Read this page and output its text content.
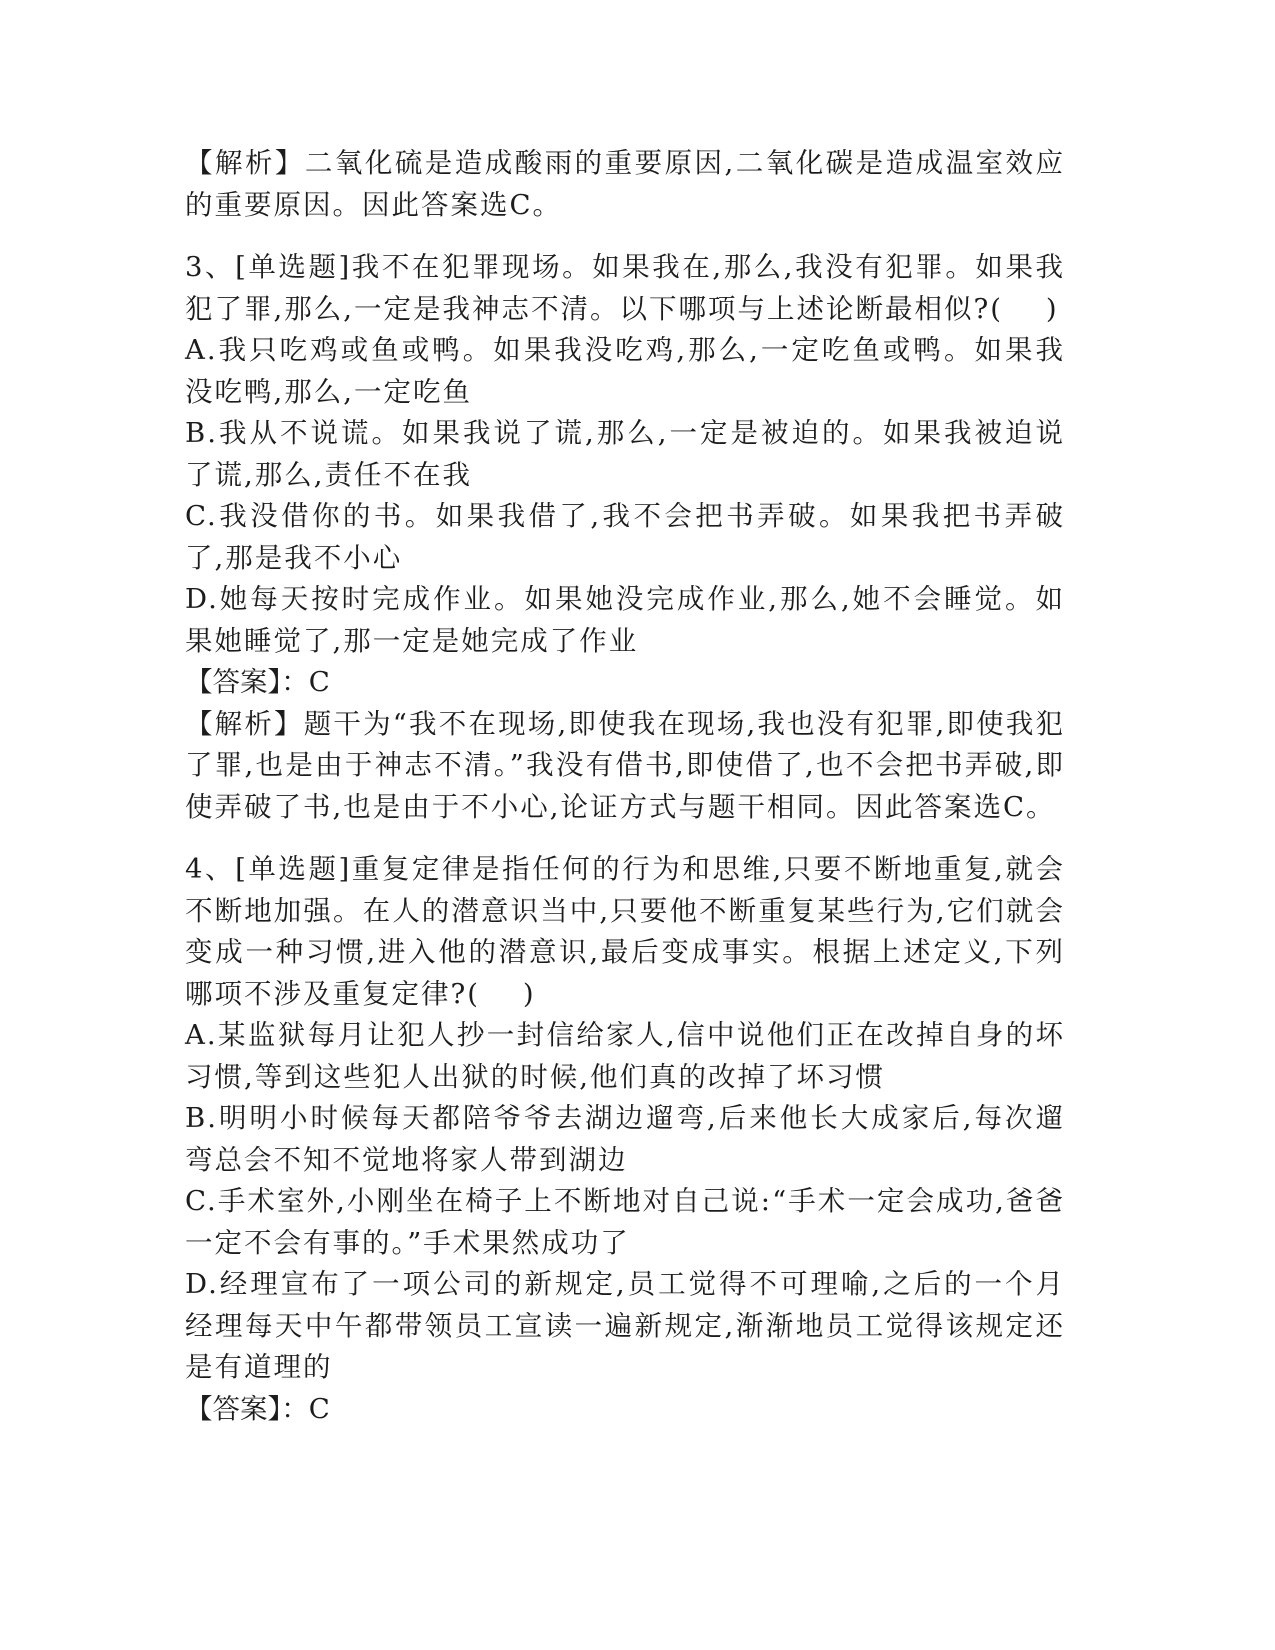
【解析】二氧化硫是造成酸雨的重要原因,二氧化碳是造成温室效应的重要原因。因此答案选C。

3、[单选题]我不在犯罪现场。如果我在,那么,我没有犯罪。如果我犯了罪,那么,一定是我神志不清。以下哪项与上述论断最相似?(    )

A.我只吃鸡或鱼或鸭。如果我没吃鸡,那么,一定吃鱼或鸭。如果我没吃鸭,那么,一定吃鱼

B.我从不说谎。如果我说了谎,那么,一定是被迫的。如果我被迫说了谎,那么,责任不在我

C.我没借你的书。如果我借了,我不会把书弄破。如果我把书弄破了,那是我不小心

D.她每天按时完成作业。如果她没完成作业,那么,她不会睡觉。如果她睡觉了,那一定是她完成了作业

【答案】：C

【解析】题干为“我不在现场,即使我在现场,我也没有犯罪,即使我犯了罪,也是由于神志不清。”我没有借书,即使借了,也不会把书弄破,即使弄破了书,也是由于不小心,论证方式与题干相同。因此答案选C。

4、[单选题]重复定律是指任何的行为和思维,只要不断地重复,就会不断地加强。在人的潜意识当中,只要他不断重复某些行为,它们就会变成一种习惯,进入他的潜意识,最后变成事实。根据上述定义,下列哪项不涉及重复定律?(    )

A.某监狱每月让犯人抄一封信给家人,信中说他们正在改掉自身的坏习惯,等到这些犯人出狱的时候,他们真的改掉了坏习惯

B.明明小时候每天都陪爷爷去湖边遛弯,后来他长大成家后,每次遛弯总会不知不觉地将家人带到湖边

C.手术室外,小刚坐在椅子上不断地对自己说:“手术一定会成功,爸爸一定不会有事的。”手术果然成功了

D.经理宣布了一项公司的新规定,员工觉得不可理喻,之后的一个月经理每天中午都带领员工宣读一遍新规定,渐渐地员工觉得该规定还是有道理的

【答案】：C
